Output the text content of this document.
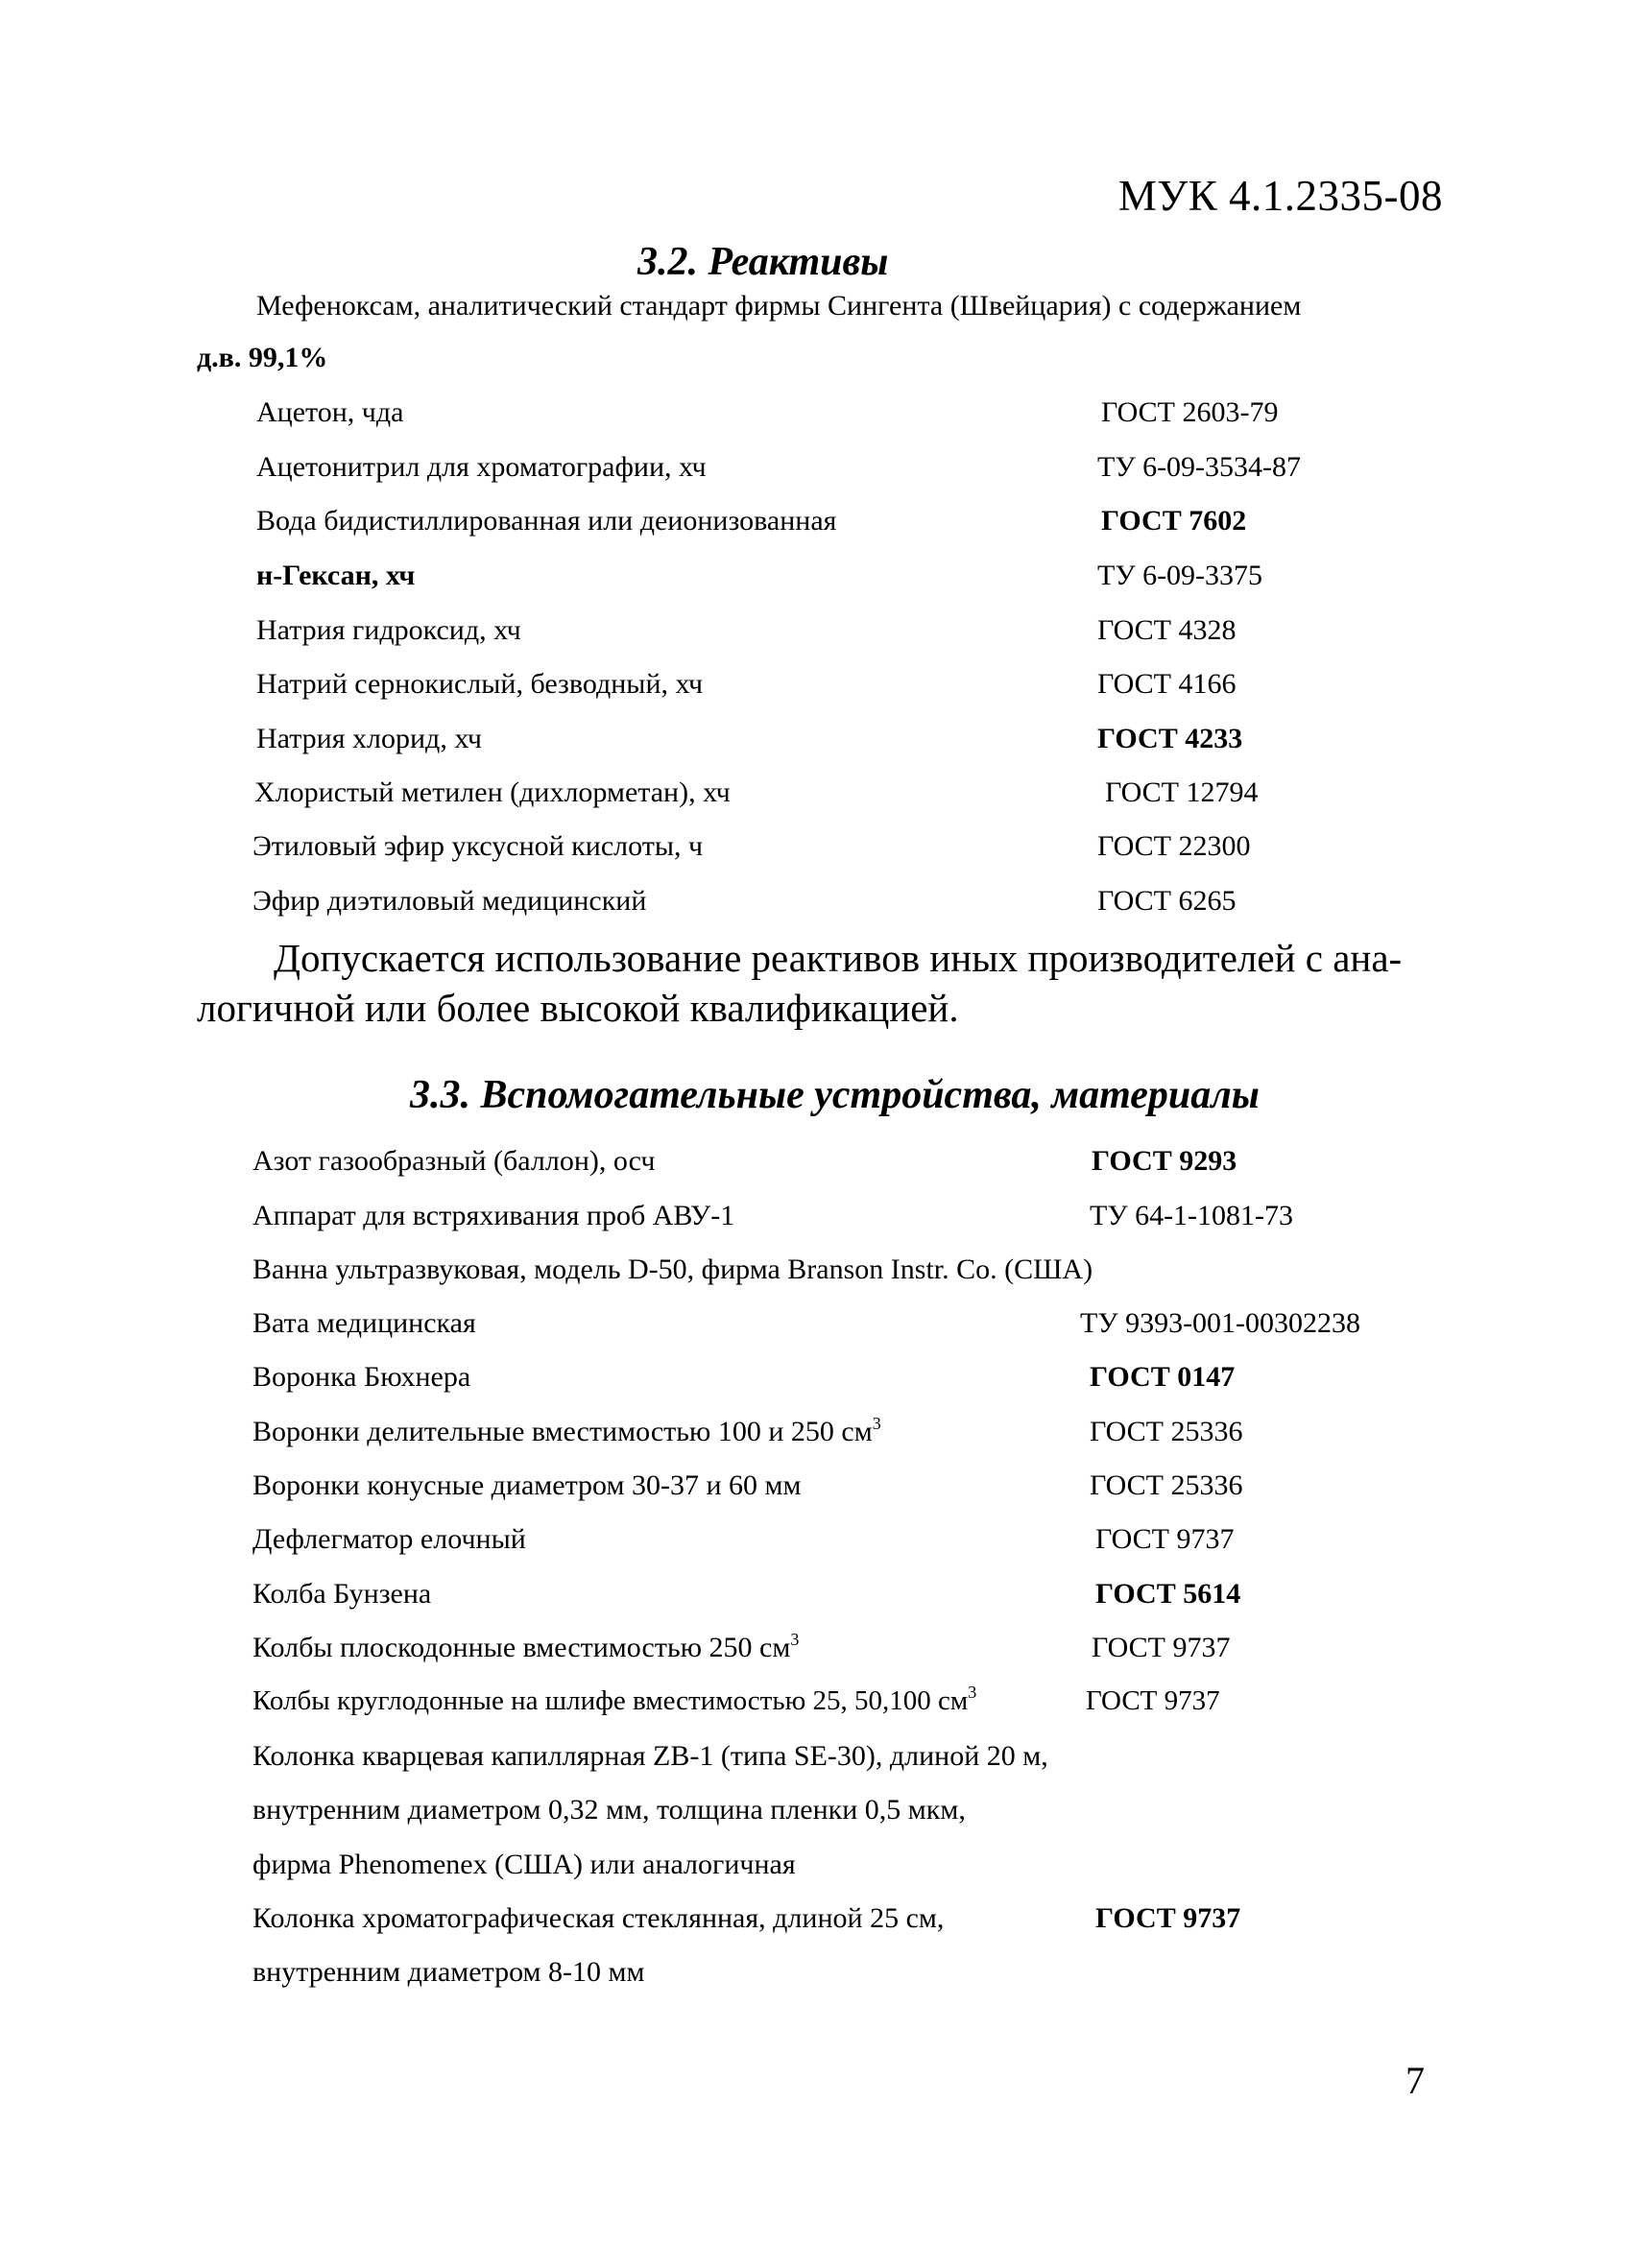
МУК 4.1.2335-08
3.2. Реактивы
Мефеноксам, аналитический стандарт фирмы Сингента (Швейцария) с содержанием
д.в. 99,1%
Ацетон, чда	ГОСТ 2603-79
Ацетонитрил для хроматографии, хч	ТУ 6-09-3534-87
Вода бидистиллированная или деионизованная	ГОСТ 7602
н-Гексан, хч	ТУ 6-09-3375
Натрия гидроксид, хч	ГОСТ 4328
Натрий сернокислый, безводный, хч	ГОСТ 4166
Натрия хлорид, хч	ГОСТ 4233
Хлористый метилен (дихлорметан), хч	ГОСТ 12794
Этиловый эфир уксусной кислоты, ч	ГОСТ 22300
Эфир диэтиловый медицинский	ГОСТ 6265
Допускается использование реактивов иных производителей с ана-
логичной или более высокой квалификацией.
3.3. Вспомогательные устройства, материалы
Азот газообразный (баллон), осч	ГОСТ 9293
Аппарат для встряхивания проб АВУ-1	ТУ 64-1-1081-73
Ванна ультразвуковая, модель D-50, фирма Branson Instr. Co. (США)
Вата медицинская	ТУ 9393-001-00302238
Воронка Бюхнера	ГОСТ 0147
Воронки делительные вместимостью 100 и 250 $см^3$	ГОСТ 25336
Воронки конусные диаметром 30-37 и 60 мм	ГОСТ 25336
Дефлегматор елочный	ГОСТ 9737
Колба Бунзена	ГОСТ 5614
Колбы плоскодонные вместимостью 250 $см^3$	ГОСТ 9737
Колбы круглодонные на шлифе вместимостью 25, 50,100 $см^3$	ГОСТ 9737
Колонка кварцевая капиллярная ZB-1 (типа SE-30), длиной 20 м,
внутренним диаметром 0,32 мм, толщина пленки 0,5 мкм,
фирма Phenomenex (США) или аналогичная
Колонка хроматографическая стеклянная, длиной 25 см,	ГОСТ 9737
внутренним диаметром 8-10 мм
7
